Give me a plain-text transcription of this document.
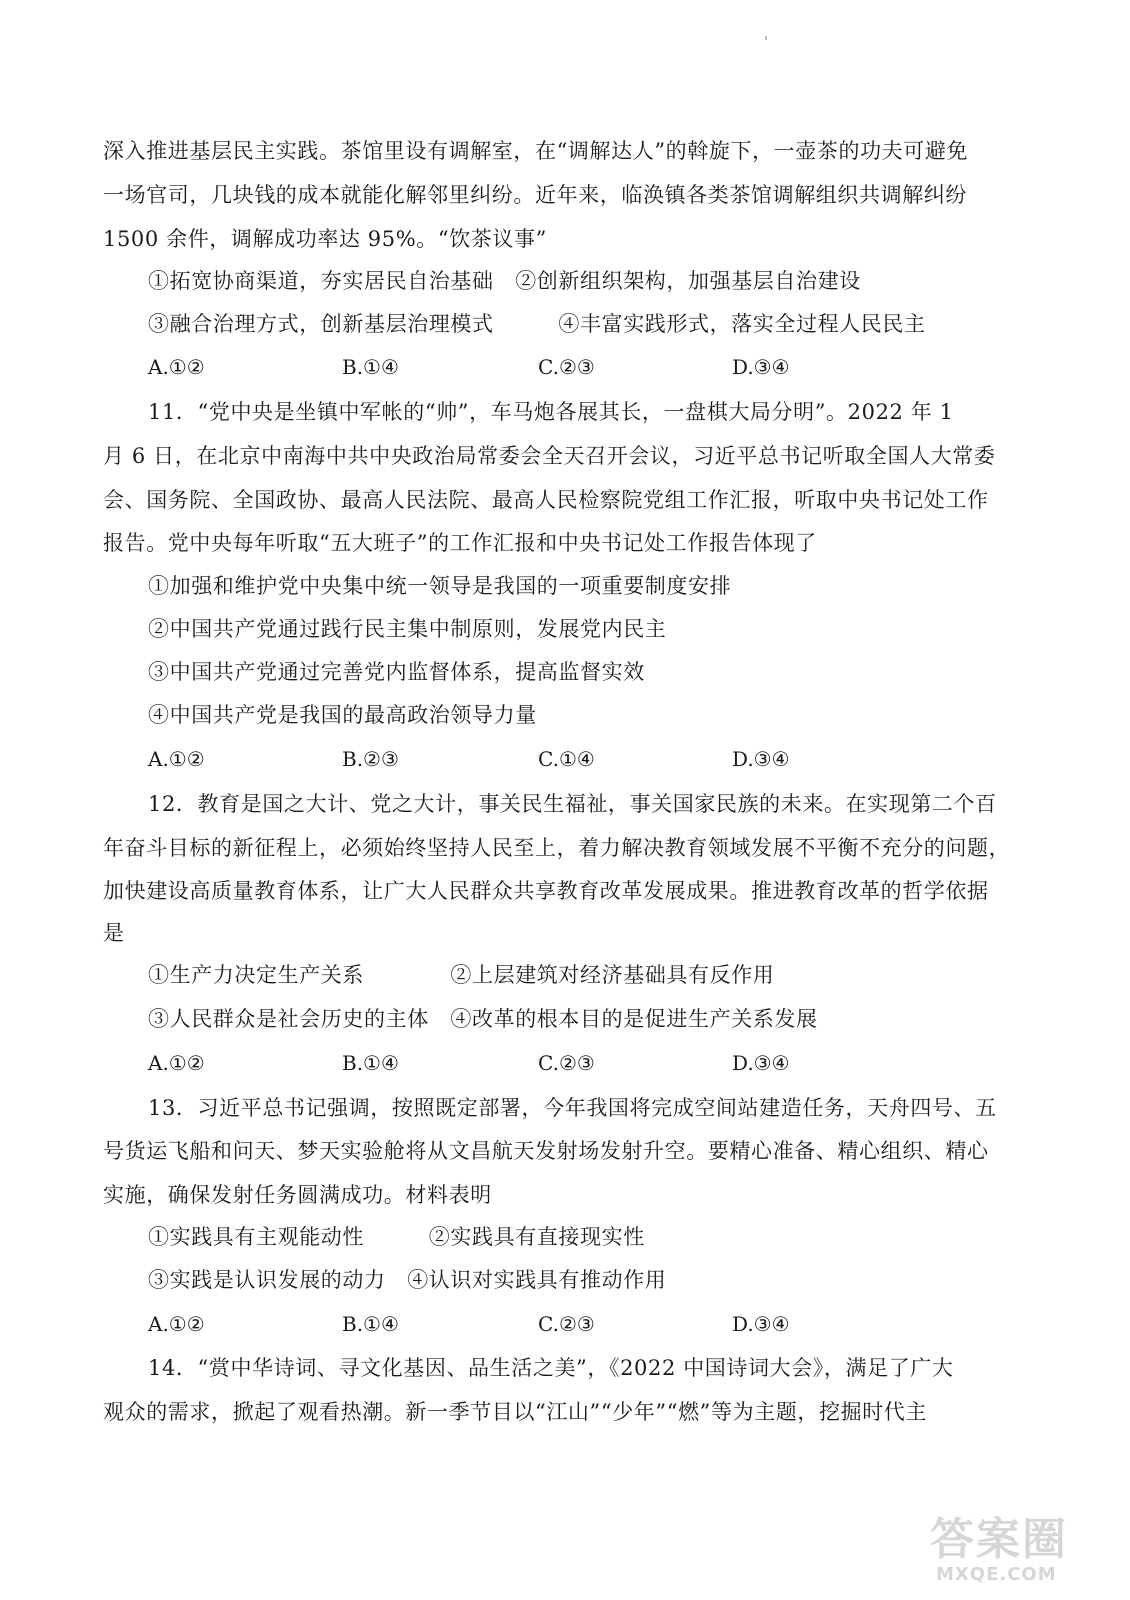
深入推进基层民主实践。茶馆里设有调解室，在“调解达人”的斡旋下，一壶茶的功夫可避免
一场官司，几块钱的成本就能化解邻里纠纷。近年来，临涣镇各类茶馆调解组织共调解纠纷
1500 余件，调解成功率达 95%。“饮茶议事”
①拓宽协商渠道，夯实居民自治基础　②创新组织架构，加强基层自治建设
③融合治理方式，创新基层治理模式　　　④丰富实践形式，落实全过程人民民主
A.①②	B.①④	C.②③	D.③④
11．“党中央是坐镇中军帐的“帅”，车马炮各展其长，一盘棋大局分明”。2022 年 1
月 6 日，在北京中南海中共中央政治局常委会全天召开会议，习近平总书记听取全国人大常委
会、国务院、全国政协、最高人民法院、最高人民检察院党组工作汇报，听取中央书记处工作
报告。党中央每年听取“五大班子”的工作汇报和中央书记处工作报告体现了
①加强和维护党中央集中统一领导是我国的一项重要制度安排
②中国共产党通过践行民主集中制原则，发展党内民主
③中国共产党通过完善党内监督体系，提高监督实效
④中国共产党是我国的最高政治领导力量
A.①②	B.②③	C.①④	D.③④
12．教育是国之大计、党之大计，事关民生福祉，事关国家民族的未来。在实现第二个百
年奋斗目标的新征程上，必须始终坚持人民至上，着力解决教育领域发展不平衡不充分的问题，
加快建设高质量教育体系，让广大人民群众共享教育改革发展成果。推进教育改革的哲学依据
是
①生产力决定生产关系　　　　②上层建筑对经济基础具有反作用
③人民群众是社会历史的主体　④改革的根本目的是促进生产关系发展
A.①②	B.①④	C.②③	D.③④
13．习近平总书记强调，按照既定部署，今年我国将完成空间站建造任务，天舟四号、五
号货运飞船和问天、梦天实验舱将从文昌航天发射场发射升空。要精心准备、精心组织、精心
实施，确保发射任务圆满成功。材料表明
①实践具有主观能动性　　　②实践具有直接现实性
③实践是认识发展的动力　④认识对实践具有推动作用
A.①②	B.①④	C.②③	D.③④
14．“赏中华诗词、寻文化基因、品生活之美”，《2022 中国诗词大会》，满足了广大
观众的需求，掀起了观看热潮。新一季节目以“江山”“少年”“燃”等为主题，挖掘时代主
答案圈
MXQE.COM
